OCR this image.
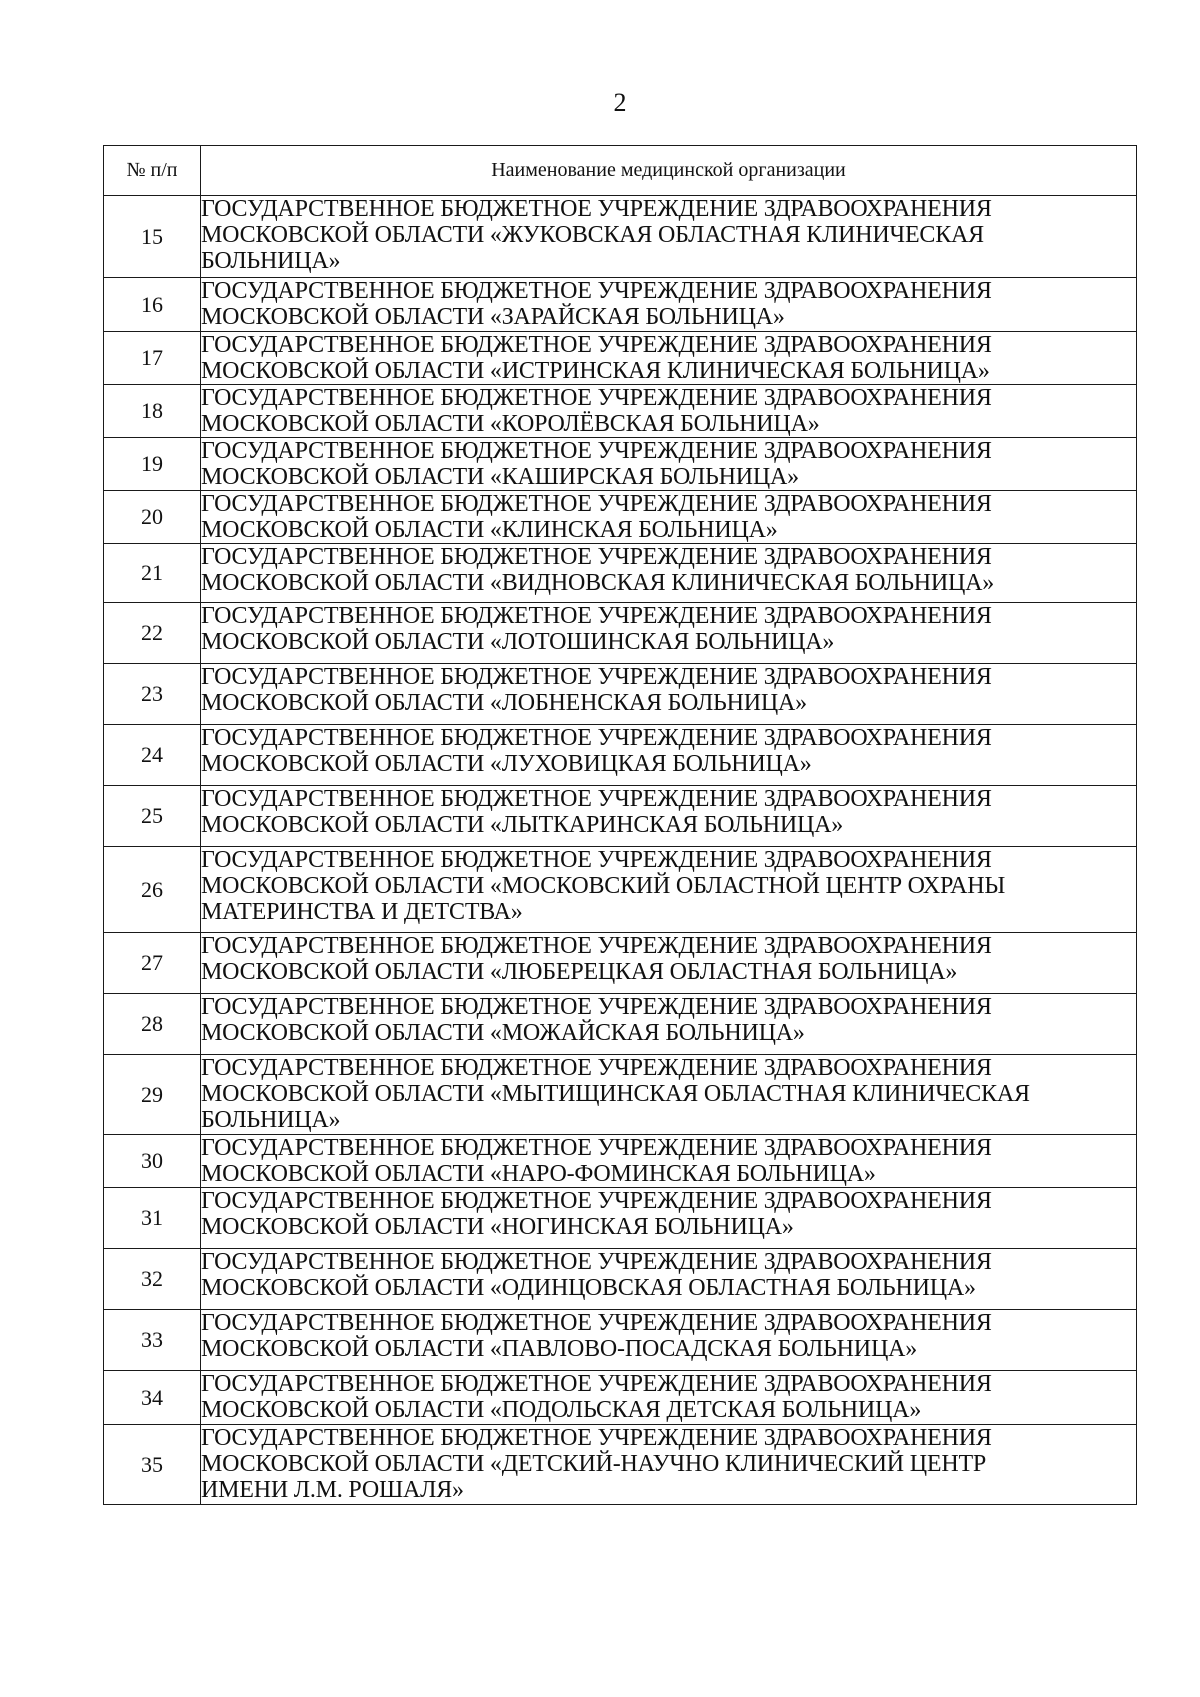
2
№ п/п	Наименование медицинской организации
15	ГОСУДАРСТВЕННОЕ БЮДЖЕТНОЕ УЧРЕЖДЕНИЕ ЗДРАВООХРАНЕНИЯ
МОСКОВСКОЙ ОБЛАСТИ «ЖУКОВСКАЯ ОБЛАСТНАЯ КЛИНИЧЕСКАЯ
БОЛЬНИЦА»

16	ГОСУДАРСТВЕННОЕ БЮДЖЕТНОЕ УЧРЕЖДЕНИЕ ЗДРАВООХРАНЕНИЯ
МОСКОВСКОЙ ОБЛАСТИ «ЗАРАЙСКАЯ БОЛЬНИЦА»

17	ГОСУДАРСТВЕННОЕ БЮДЖЕТНОЕ УЧРЕЖДЕНИЕ ЗДРАВООХРАНЕНИЯ
МОСКОВСКОЙ ОБЛАСТИ «ИСТРИНСКАЯ КЛИНИЧЕСКАЯ БОЛЬНИЦА»

18	ГОСУДАРСТВЕННОЕ БЮДЖЕТНОЕ УЧРЕЖДЕНИЕ ЗДРАВООХРАНЕНИЯ
МОСКОВСКОЙ ОБЛАСТИ «КОРОЛЁВСКАЯ БОЛЬНИЦА»

19	ГОСУДАРСТВЕННОЕ БЮДЖЕТНОЕ УЧРЕЖДЕНИЕ ЗДРАВООХРАНЕНИЯ
МОСКОВСКОЙ ОБЛАСТИ «КАШИРСКАЯ БОЛЬНИЦА»

20	ГОСУДАРСТВЕННОЕ БЮДЖЕТНОЕ УЧРЕЖДЕНИЕ ЗДРАВООХРАНЕНИЯ
МОСКОВСКОЙ ОБЛАСТИ «КЛИНСКАЯ БОЛЬНИЦА»

21	ГОСУДАРСТВЕННОЕ БЮДЖЕТНОЕ УЧРЕЖДЕНИЕ ЗДРАВООХРАНЕНИЯ
МОСКОВСКОЙ ОБЛАСТИ «ВИДНОВСКАЯ КЛИНИЧЕСКАЯ БОЛЬНИЦА»

22	ГОСУДАРСТВЕННОЕ БЮДЖЕТНОЕ УЧРЕЖДЕНИЕ ЗДРАВООХРАНЕНИЯ
МОСКОВСКОЙ ОБЛАСТИ «ЛОТОШИНСКАЯ БОЛЬНИЦА»

23	ГОСУДАРСТВЕННОЕ БЮДЖЕТНОЕ УЧРЕЖДЕНИЕ ЗДРАВООХРАНЕНИЯ
МОСКОВСКОЙ ОБЛАСТИ «ЛОБНЕНСКАЯ БОЛЬНИЦА»

24	ГОСУДАРСТВЕННОЕ БЮДЖЕТНОЕ УЧРЕЖДЕНИЕ ЗДРАВООХРАНЕНИЯ
МОСКОВСКОЙ ОБЛАСТИ «ЛУХОВИЦКАЯ БОЛЬНИЦА»

25	ГОСУДАРСТВЕННОЕ БЮДЖЕТНОЕ УЧРЕЖДЕНИЕ ЗДРАВООХРАНЕНИЯ
МОСКОВСКОЙ ОБЛАСТИ «ЛЫТКАРИНСКАЯ БОЛЬНИЦА»

26	ГОСУДАРСТВЕННОЕ БЮДЖЕТНОЕ УЧРЕЖДЕНИЕ ЗДРАВООХРАНЕНИЯ
МОСКОВСКОЙ ОБЛАСТИ «МОСКОВСКИЙ ОБЛАСТНОЙ ЦЕНТР ОХРАНЫ
МАТЕРИНСТВА И ДЕТСТВА»

27	ГОСУДАРСТВЕННОЕ БЮДЖЕТНОЕ УЧРЕЖДЕНИЕ ЗДРАВООХРАНЕНИЯ
МОСКОВСКОЙ ОБЛАСТИ «ЛЮБЕРЕЦКАЯ ОБЛАСТНАЯ БОЛЬНИЦА»

28	ГОСУДАРСТВЕННОЕ БЮДЖЕТНОЕ УЧРЕЖДЕНИЕ ЗДРАВООХРАНЕНИЯ
МОСКОВСКОЙ ОБЛАСТИ «МОЖАЙСКАЯ БОЛЬНИЦА»

29	ГОСУДАРСТВЕННОЕ БЮДЖЕТНОЕ УЧРЕЖДЕНИЕ ЗДРАВООХРАНЕНИЯ
МОСКОВСКОЙ ОБЛАСТИ «МЫТИЩИНСКАЯ ОБЛАСТНАЯ КЛИНИЧЕСКАЯ
БОЛЬНИЦА»

30	ГОСУДАРСТВЕННОЕ БЮДЖЕТНОЕ УЧРЕЖДЕНИЕ ЗДРАВООХРАНЕНИЯ
МОСКОВСКОЙ ОБЛАСТИ «НАРО-ФОМИНСКАЯ БОЛЬНИЦА»

31	ГОСУДАРСТВЕННОЕ БЮДЖЕТНОЕ УЧРЕЖДЕНИЕ ЗДРАВООХРАНЕНИЯ
МОСКОВСКОЙ ОБЛАСТИ «НОГИНСКАЯ БОЛЬНИЦА»

32	ГОСУДАРСТВЕННОЕ БЮДЖЕТНОЕ УЧРЕЖДЕНИЕ ЗДРАВООХРАНЕНИЯ
МОСКОВСКОЙ ОБЛАСТИ «ОДИНЦОВСКАЯ ОБЛАСТНАЯ БОЛЬНИЦА»

33	ГОСУДАРСТВЕННОЕ БЮДЖЕТНОЕ УЧРЕЖДЕНИЕ ЗДРАВООХРАНЕНИЯ
МОСКОВСКОЙ ОБЛАСТИ «ПАВЛОВО-ПОСАДСКАЯ БОЛЬНИЦА»

34	ГОСУДАРСТВЕННОЕ БЮДЖЕТНОЕ УЧРЕЖДЕНИЕ ЗДРАВООХРАНЕНИЯ
МОСКОВСКОЙ ОБЛАСТИ «ПОДОЛЬСКАЯ ДЕТСКАЯ БОЛЬНИЦА»

35	ГОСУДАРСТВЕННОЕ БЮДЖЕТНОЕ УЧРЕЖДЕНИЕ ЗДРАВООХРАНЕНИЯ
МОСКОВСКОЙ ОБЛАСТИ «ДЕТСКИЙ-НАУЧНО КЛИНИЧЕСКИЙ ЦЕНТР
ИМЕНИ Л.М. РОШАЛЯ»
